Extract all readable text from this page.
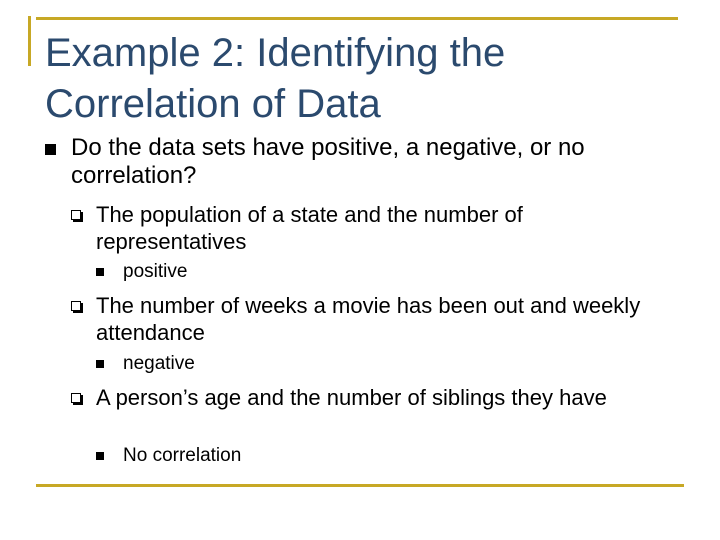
Example 2: Identifying the
Correlation of Data
Do the data sets have positive, a negative, or no correlation?
The population of a state and the number of representatives
positive
The number of weeks a movie has been out and weekly attendance
negative
A person’s age and the number of siblings they have
No correlation
